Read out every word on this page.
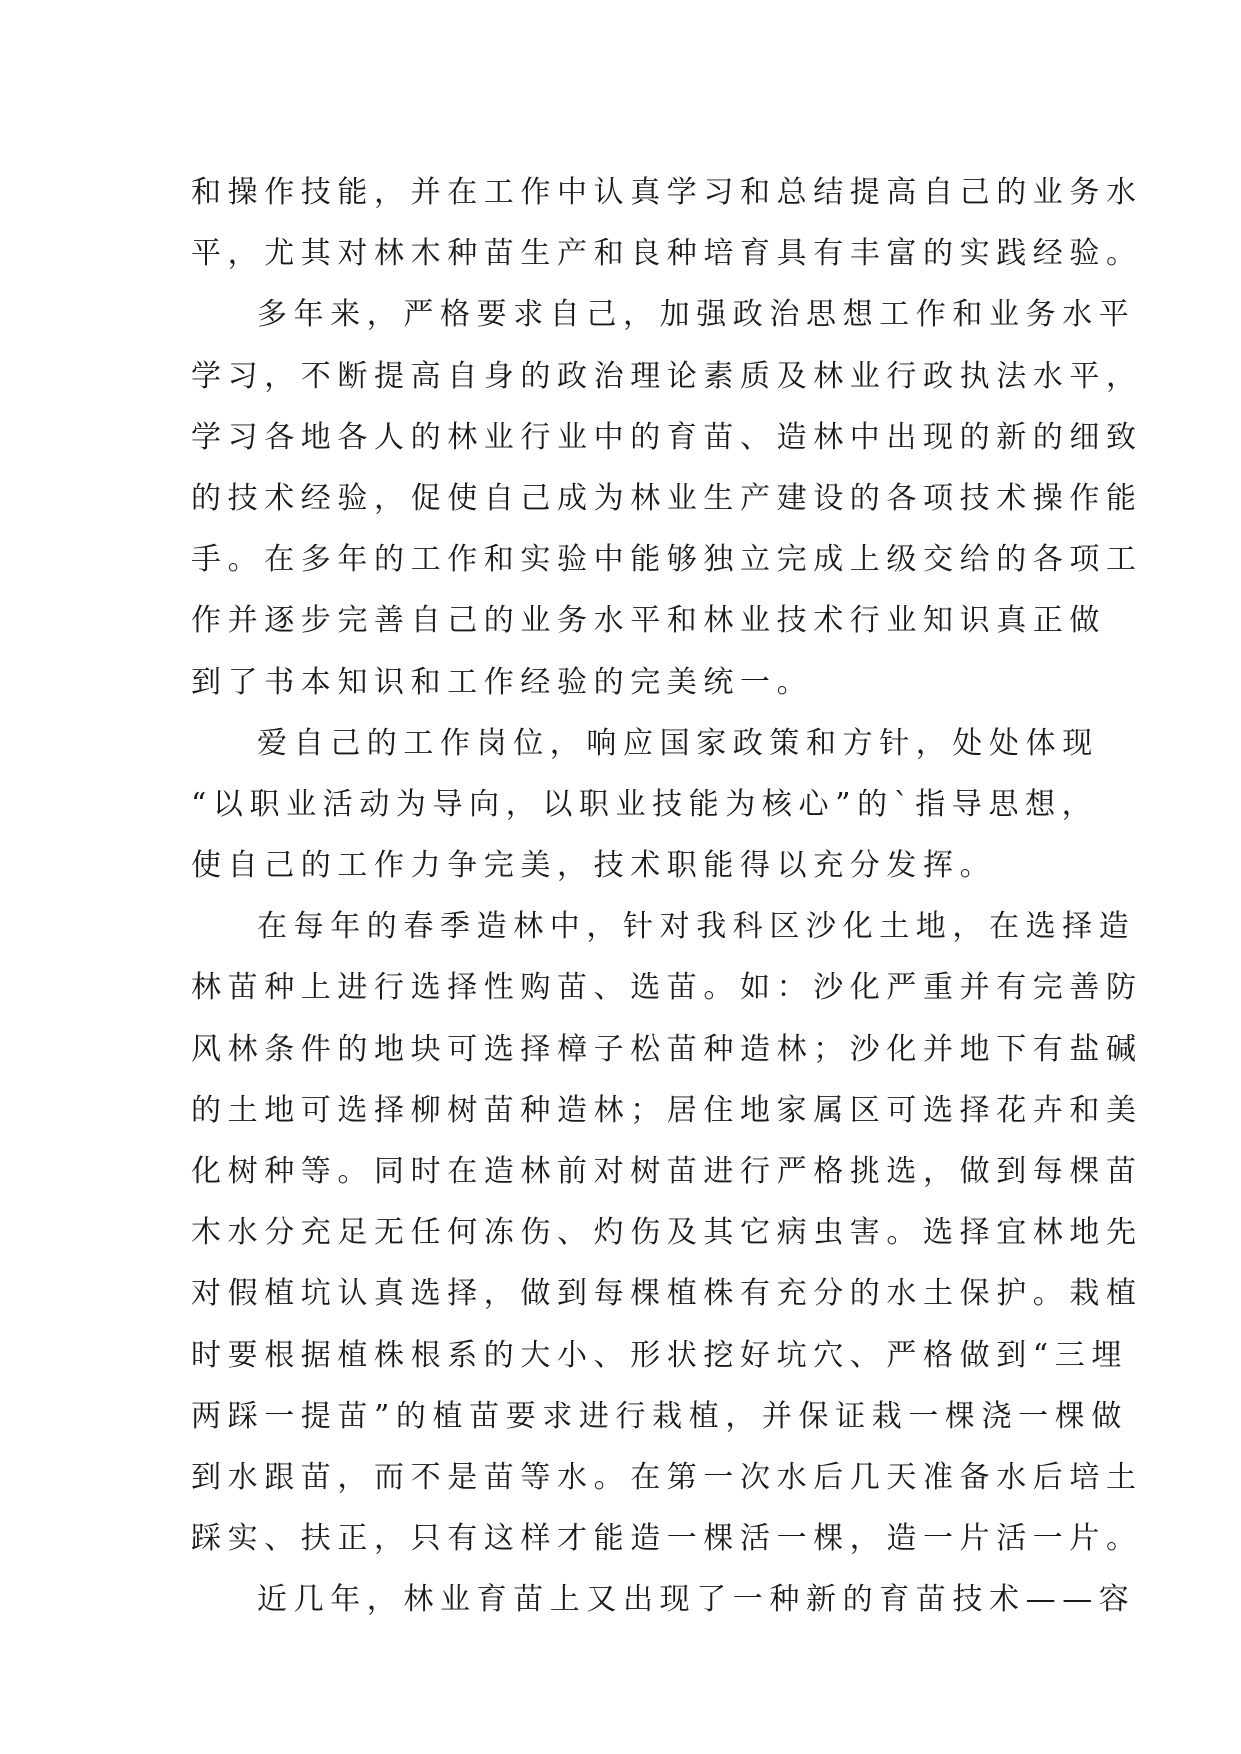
和操作技能，并在工作中认真学习和总结提高自己的业务水
平，尤其对林木种苗生产和良种培育具有丰富的实践经验。
多年来，严格要求自己，加强政治思想工作和业务水平
学习，不断提高自身的政治理论素质及林业行政执法水平，
学习各地各人的林业行业中的育苗、造林中出现的新的细致
的技术经验，促使自己成为林业生产建设的各项技术操作能
手。在多年的工作和实验中能够独立完成上级交给的各项工
作并逐步完善自己的业务水平和林业技术行业知识真正做
到了书本知识和工作经验的完美统一。
爱自己的工作岗位，响应国家政策和方针，处处体现
“以职业活动为导向，以职业技能为核心”的`指导思想，
使自己的工作力争完美，技术职能得以充分发挥。
在每年的春季造林中，针对我科区沙化土地，在选择造
林苗种上进行选择性购苗、选苗。如：沙化严重并有完善防
风林条件的地块可选择樟子松苗种造林；沙化并地下有盐碱
的土地可选择柳树苗种造林；居住地家属区可选择花卉和美
化树种等。同时在造林前对树苗进行严格挑选，做到每棵苗
木水分充足无任何冻伤、灼伤及其它病虫害。选择宜林地先
对假植坑认真选择，做到每棵植株有充分的水土保护。栽植
时要根据植株根系的大小、形状挖好坑穴、严格做到“三埋
两踩一提苗”的植苗要求进行栽植，并保证栽一棵浇一棵做
到水跟苗，而不是苗等水。在第一次水后几天准备水后培土
踩实、扶正，只有这样才能造一棵活一棵，造一片活一片。
近几年，林业育苗上又出现了一种新的育苗技术——容
